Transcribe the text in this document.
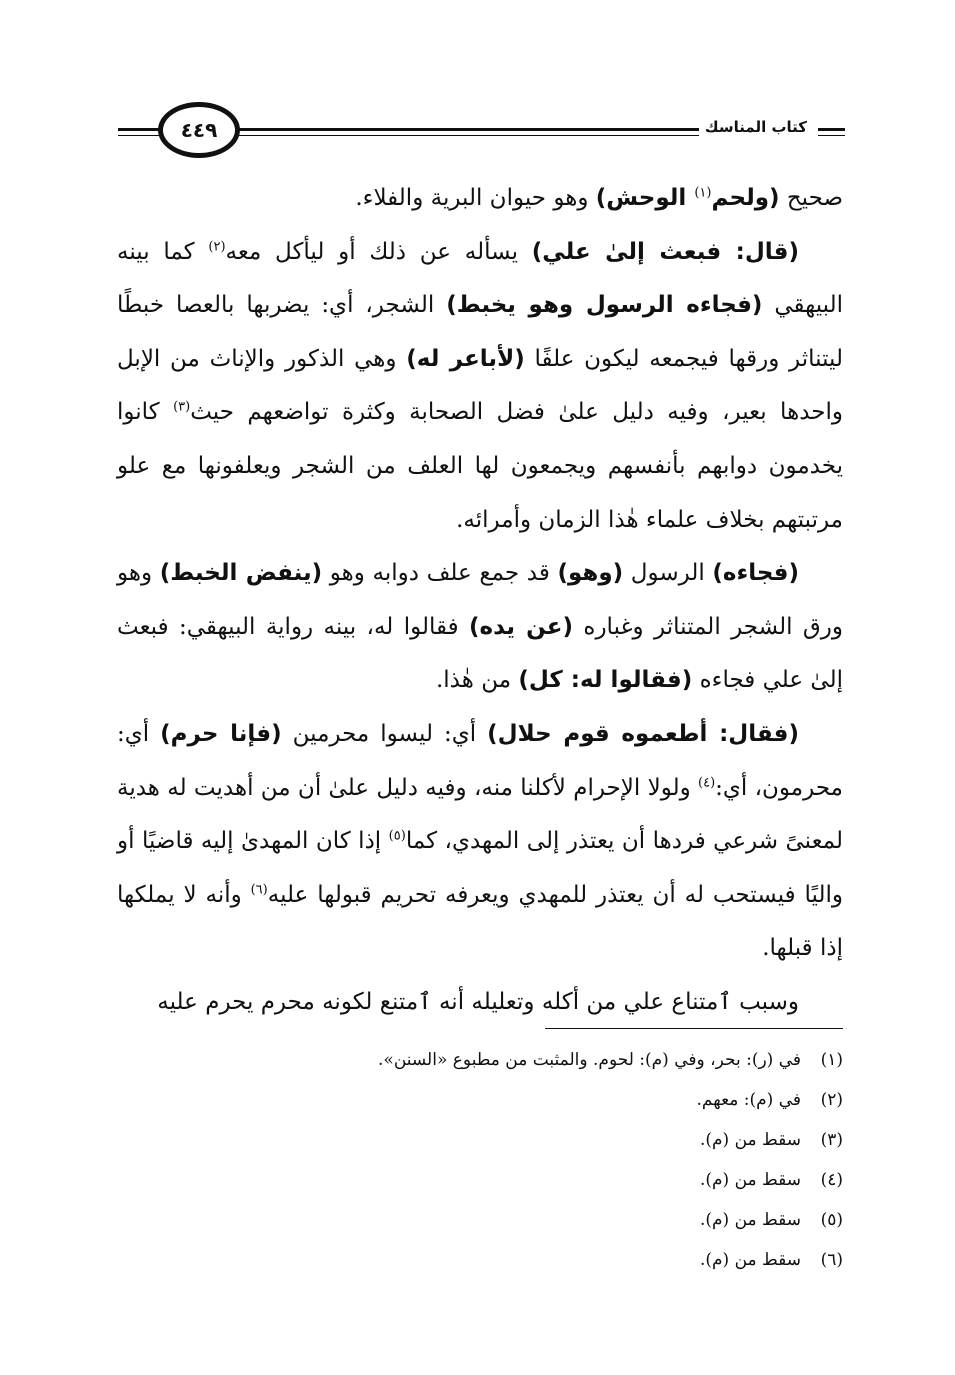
٤٤٩	كتاب المناسك

صحيح (ولحم$^{(١)}$ الوحش) وهو حيوان البرية والفلاء.

(قال: فبعث إلىٰ علي) يسأله عن ذلك أو ليأكل معه$^{(٢)}$ كما بينه البيهقي (فجاءه الرسول وهو يخبط) الشجر، أي: يضربها بالعصا خبطًا ليتناثر ورقها فيجمعه ليكون علفًا (لأباعر له) وهي الذكور والإناث من الإبل واحدها بعير، وفيه دليل علىٰ فضل الصحابة وكثرة تواضعهم حيث$^{(٣)}$ كانوا يخدمون دوابهم بأنفسهم ويجمعون لها العلف من الشجر ويعلفونها مع علو مرتبتهم بخلاف علماء هٰذا الزمان وأمرائه.

(فجاءه) الرسول (وهو) قد جمع علف دوابه وهو (ينفض الخبط) وهو ورق الشجر المتناثر وغباره (عن يده) فقالوا له، بينه رواية البيهقي: فبعث إلىٰ علي فجاءه (فقالوا له: كل) من هٰذا.

(فقال: أطعموه قوم حلال) أي: ليسوا محرمين (فإنا حرم) أي: محرمون، أي:$^{(٤)}$ ولولا الإحرام لأكلنا منه، وفيه دليل علىٰ أن من أهديت له هدية لمعنىً شرعي فردها أن يعتذر إلى المهدي، كما$^{(٥)}$ إذا كان المهدىٰ إليه قاضيًا أو واليًا فيستحب له أن يعتذر للمهدي ويعرفه تحريم قبولها عليه$^{(٦)}$ وأنه لا يملكها إذا قبلها.

وسبب ٱمتناع علي من أكله وتعليله أنه ٱمتنع لكونه محرم يحرم عليه

(١)
في (ر): بحر، وفي (م): لحوم. والمثبت من مطبوع «السنن».
(٢)
في (م): معهم.
(٣)
سقط من (م).
(٤)
سقط من (م).
(٥)
سقط من (م).
(٦)
سقط من (م).
